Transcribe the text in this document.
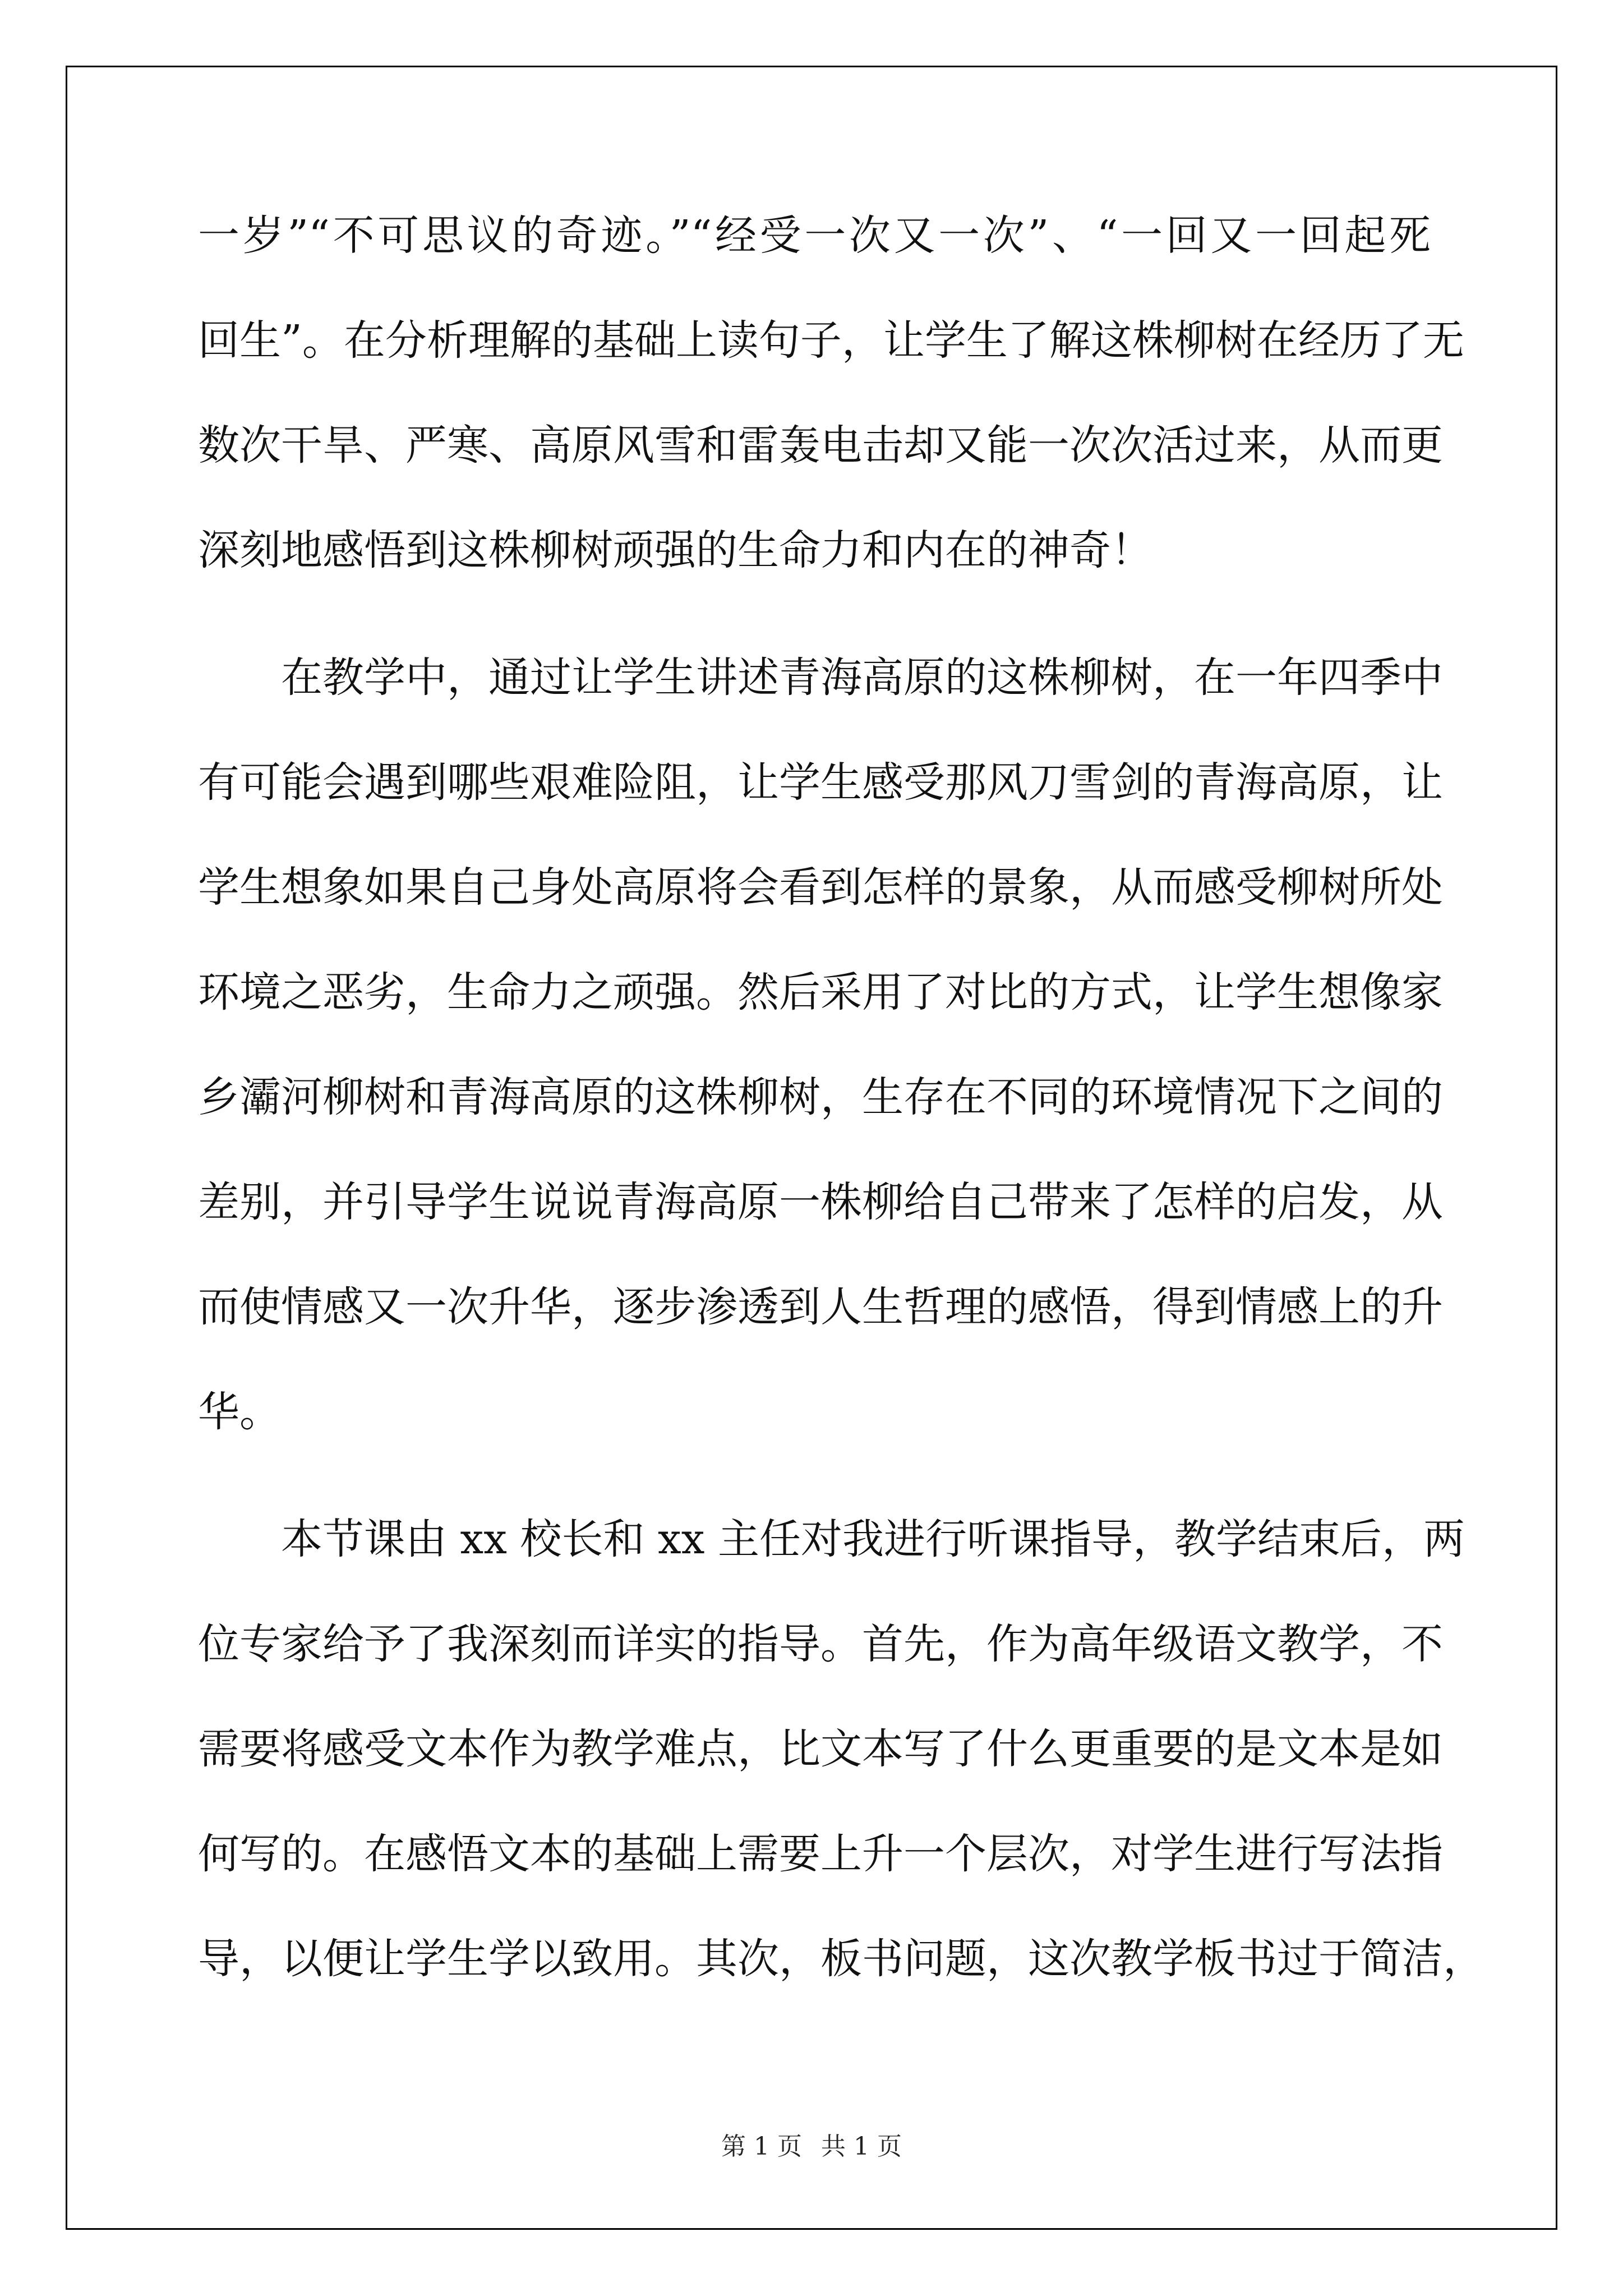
一岁”“不可思议的奇迹。”“经受一次又一次”、“一回又一回起死
回生”。在分析理解的基础上读句子，让学生了解这株柳树在经历了无
数次干旱、严寒、高原风雪和雷轰电击却又能一次次活过来，从而更
深刻地感悟到这株柳树顽强的生命力和内在的神奇！
在教学中，通过让学生讲述青海高原的这株柳树，在一年四季中
有可能会遇到哪些艰难险阻，让学生感受那风刀雪剑的青海高原，让
学生想象如果自己身处高原将会看到怎样的景象，从而感受柳树所处
环境之恶劣，生命力之顽强。然后采用了对比的方式，让学生想像家
乡灞河柳树和青海高原的这株柳树，生存在不同的环境情况下之间的
差别，并引导学生说说青海高原一株柳给自己带来了怎样的启发，从
而使情感又一次升华，逐步渗透到人生哲理的感悟，得到情感上的升
华。
本节课由 xx 校长和 xx 主任对我进行听课指导，教学结束后，两
位专家给予了我深刻而详实的指导。首先，作为高年级语文教学，不
需要将感受文本作为教学难点，比文本写了什么更重要的是文本是如
何写的。在感悟文本的基础上需要上升一个层次，对学生进行写法指
导，以便让学生学以致用。其次，板书问题，这次教学板书过于简洁，
第 1 页 共 1 页
